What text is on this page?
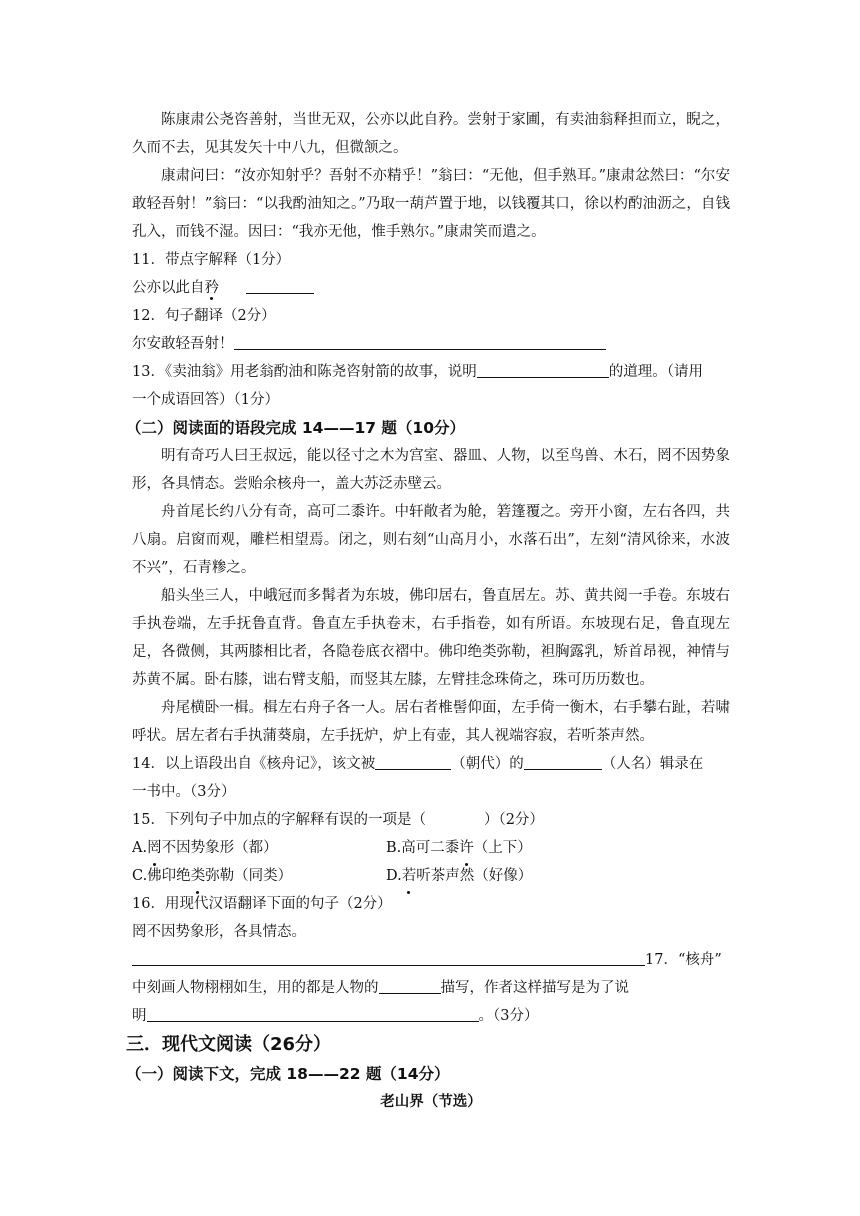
陈康肃公尧咨善射，当世无双，公亦以此自矜。尝射于家圃，有卖油翁释担而立，睨之，久而不去，见其发矢十中八九，但微颔之。

康肃问曰：“汝亦知射乎？吾射不亦精乎！”翁曰：“无他，但手熟耳。”康肃忿然曰：“尔安敢轻吾射！”翁曰：“以我酌油知之。”乃取一葫芦置于地，以钱覆其口，徐以杓酌油沥之，自钱孔入，而钱不湿。因曰：“我亦无他，惟手熟尔。”康肃笑而遣之。

11．带点字解释（1分）

公亦以此自矜

12．句子翻译（2分）

尔安敢轻吾射！

13．《卖油翁》用老翁酌油和陈尧咨射箭的故事，说明	的道理。（请用

一个成语回答）（1分）

（二）阅读面的语段完成 14——17 题（10分）

明有奇巧人曰王叔远，能以径寸之木为宫室、器皿、人物，以至鸟兽、木石，罔不因势象形，各具情态。尝贻余核舟一，盖大苏泛赤壁云。

舟首尾长约八分有奇，高可二黍许。中轩敞者为舱，箬篷覆之。旁开小窗，左右各四，共八扇。启窗而观，雕栏相望焉。闭之，则右刻“山高月小，水落石出”，左刻“清风徐来，水波不兴”，石青糁之。

船头坐三人，中峨冠而多髯者为东坡，佛印居右，鲁直居左。苏、黄共阅一手卷。东坡右手执卷端，左手抚鲁直背。鲁直左手执卷末，右手指卷，如有所语。东坡现右足，鲁直现左足，各微侧，其两膝相比者，各隐卷底衣褶中。佛印绝类弥勒，袒胸露乳，矫首昂视，神情与苏黄不属。卧右膝，诎右臂支船，而竖其左膝，左臂挂念珠倚之，珠可历历数也。

舟尾横卧一楫。楫左右舟子各一人。居右者椎髻仰面，左手倚一衡木，右手攀右趾，若啸呼状。居左者右手执蒲葵扇，左手抚炉，炉上有壶，其人视端容寂，若听茶声然。

14．以上语段出自《核舟记》，该文被	（朝代）的	（人名）辑录在

一书中。（3分）

15．下列句子中加点的字解释有误的一项是（	）（2分）

A.罔不因势象形（都）	B.高可二黍许（上下）

C.佛印绝类弥勒（同类）	D.若听茶声然（好像）

16．用现代汉语翻译下面的句子（2分）

罔不因势象形，各具情态。

17．“核舟”

中刻画人物栩栩如生，用的都是人物的	描写，作者这样描写是为了说

明	。（3分）

三．现代文阅读（26分）

（一）阅读下文，完成 18——22 题（14分）

老山界（节选）
